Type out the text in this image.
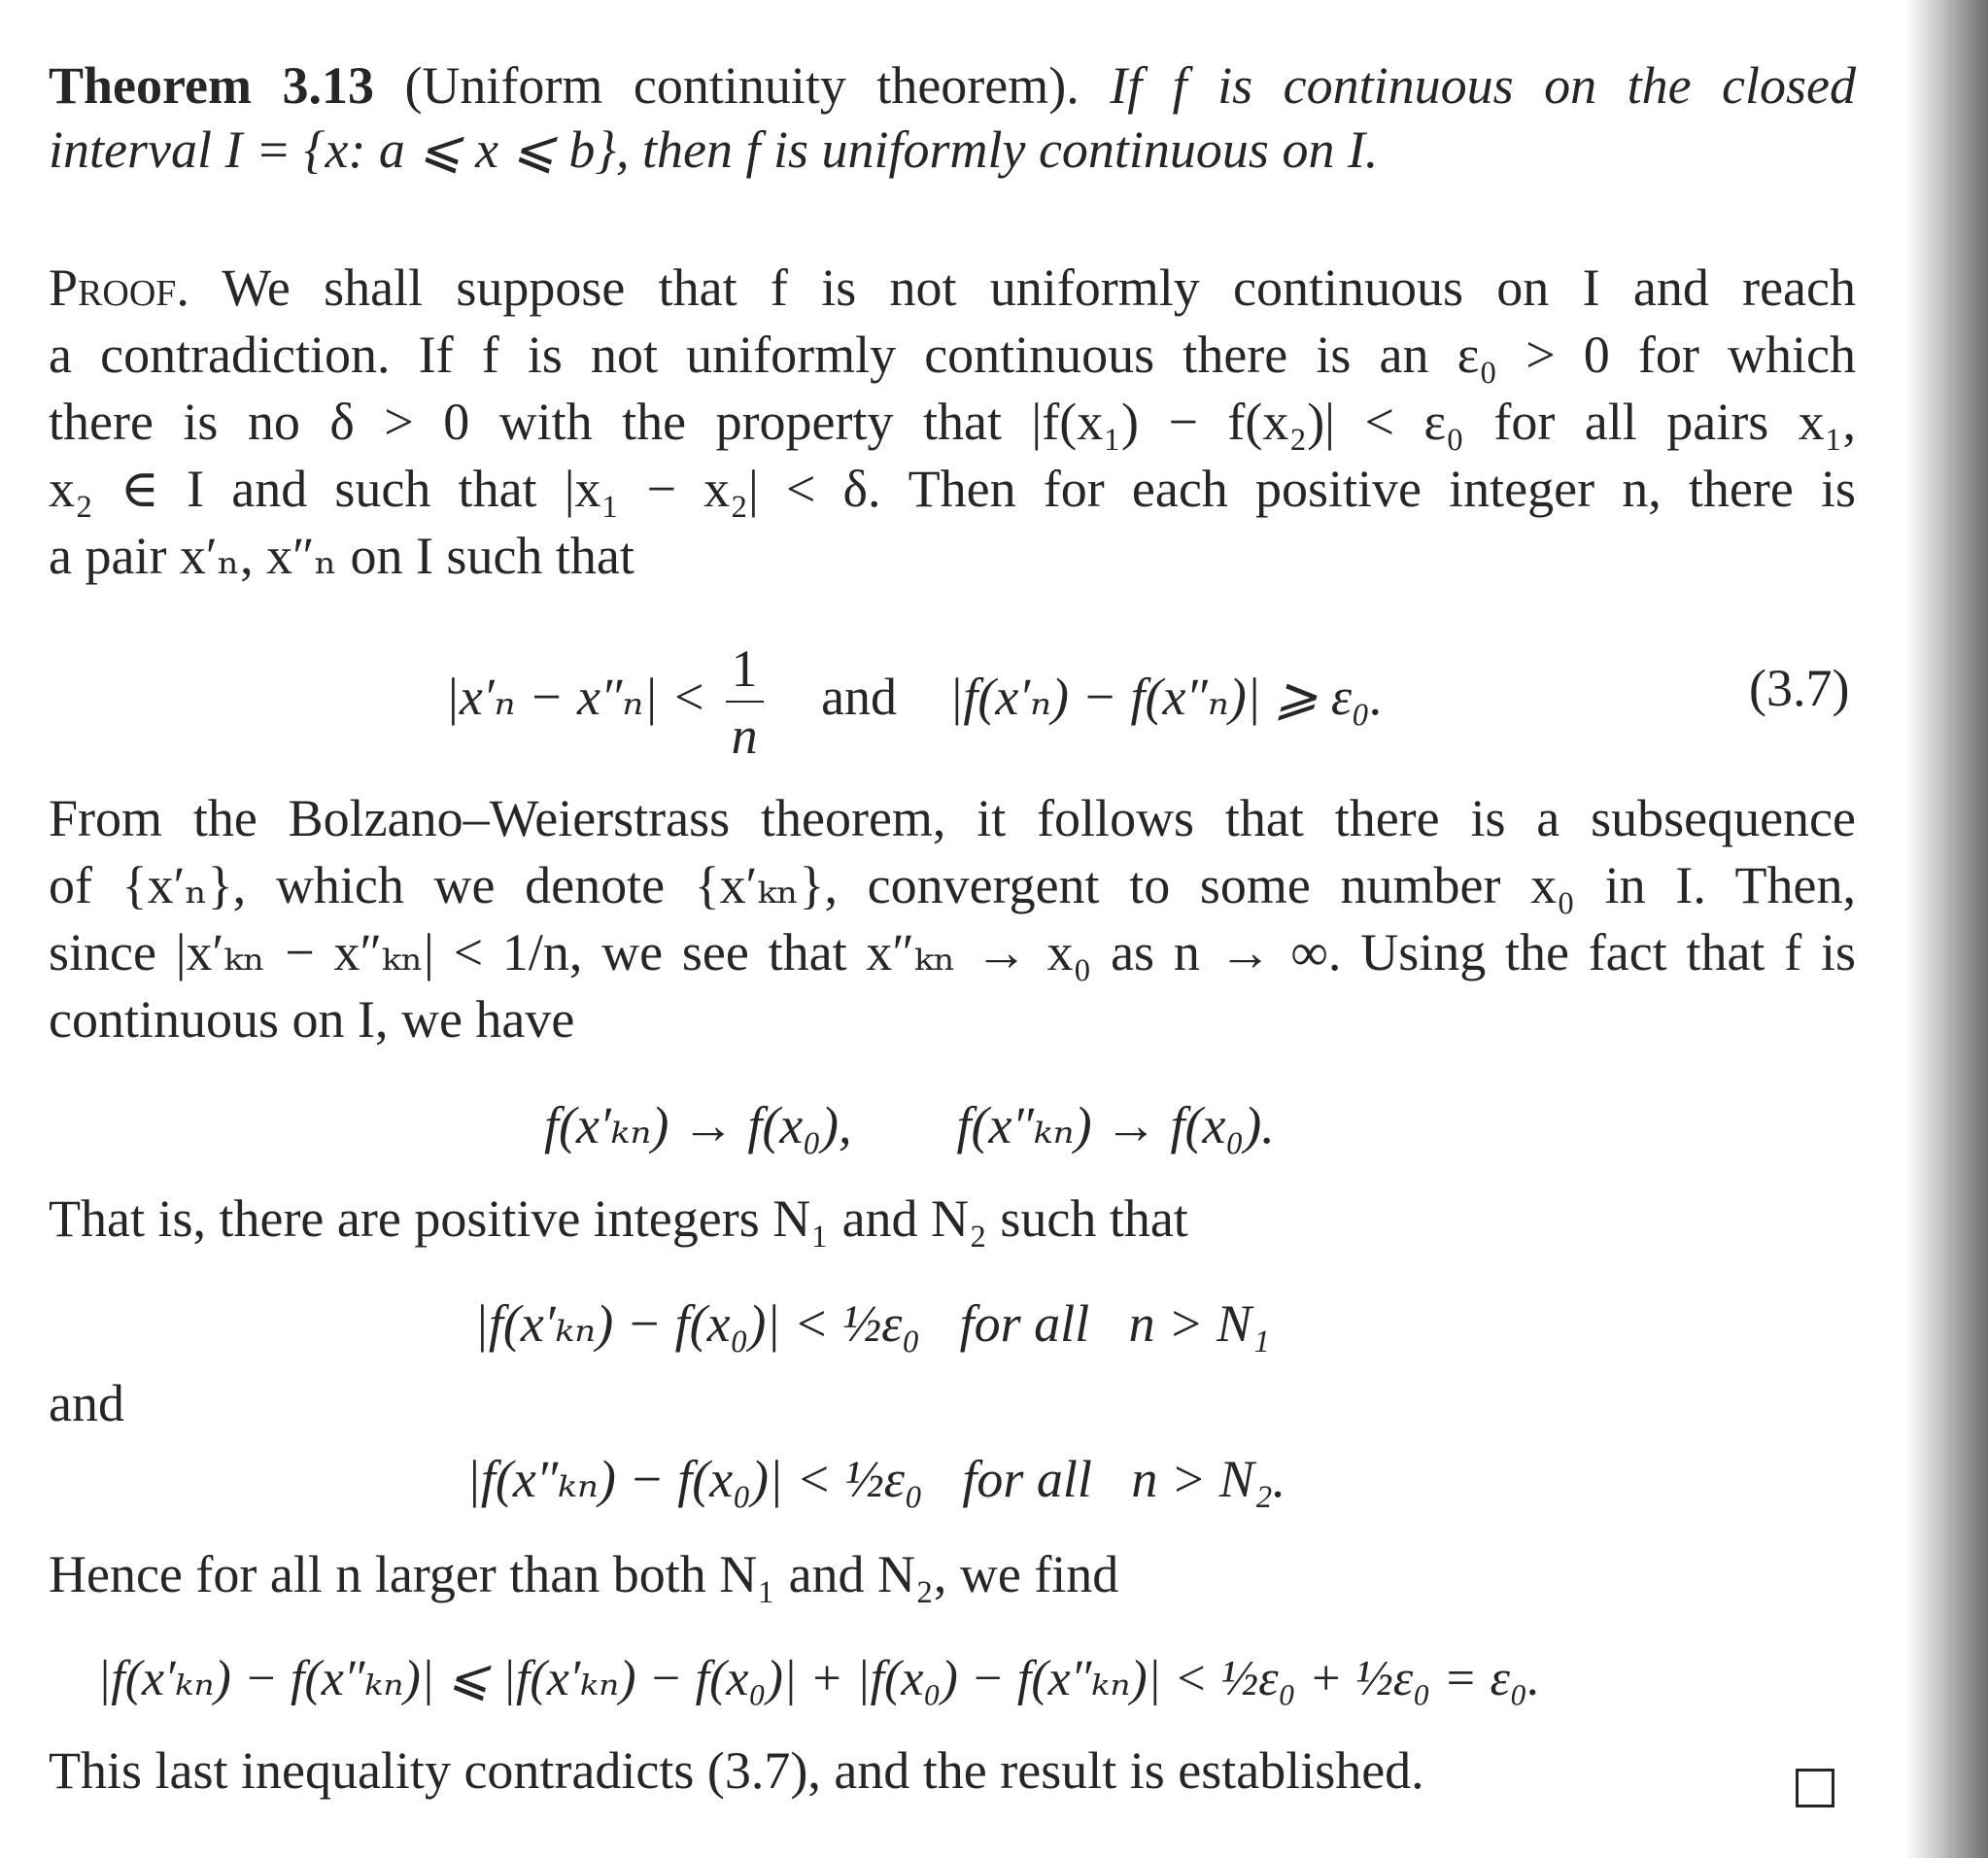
Theorem 3.13 (Uniform continuity theorem). If f is continuous on the closed
interval I = {x: a ⩽ x ⩽ b}, then f is uniformly continuous on I.
Proof. We shall suppose that f is not uniformly continuous on I and reach
a contradiction. If f is not uniformly continuous there is an ε₀ > 0 for which
there is no δ > 0 with the property that |f(x₁) − f(x₂)| < ε₀ for all pairs x₁,
x₂ ∈ I and such that |x₁ − x₂| < δ. Then for each positive integer n, there is
a pair x′ₙ, x″ₙ on I such that
$|x'_n - x''_n| < \frac{1}{n}$ and |f(x′ₙ) − f(x″ₙ)| ⩾ ε₀.	(3.7)
From the Bolzano–Weierstrass theorem, it follows that there is a subsequence
of {x′ₙ}, which we denote {x′ₖₙ}, convergent to some number x₀ in I. Then,
since |x′ₖₙ − x″ₖₙ| < 1/n, we see that x″ₖₙ → x₀ as n → ∞. Using the fact that f is
continuous on I, we have
f(x′ₖₙ) → f(x₀),        f(x″ₖₙ) → f(x₀).
That is, there are positive integers N₁ and N₂ such that
|f(x′ₖₙ) − f(x₀)| < ½ε₀   for all   n > N₁
and
|f(x″ₖₙ) − f(x₀)| < ½ε₀   for all   n > N₂.
Hence for all n larger than both N₁ and N₂, we find
|f(x′ₖₙ) − f(x″ₖₙ)| ⩽ |f(x′ₖₙ) − f(x₀)| + |f(x₀) − f(x″ₖₙ)| < ½ε₀ + ½ε₀ = ε₀.
This last inequality contradicts (3.7), and the result is established.
